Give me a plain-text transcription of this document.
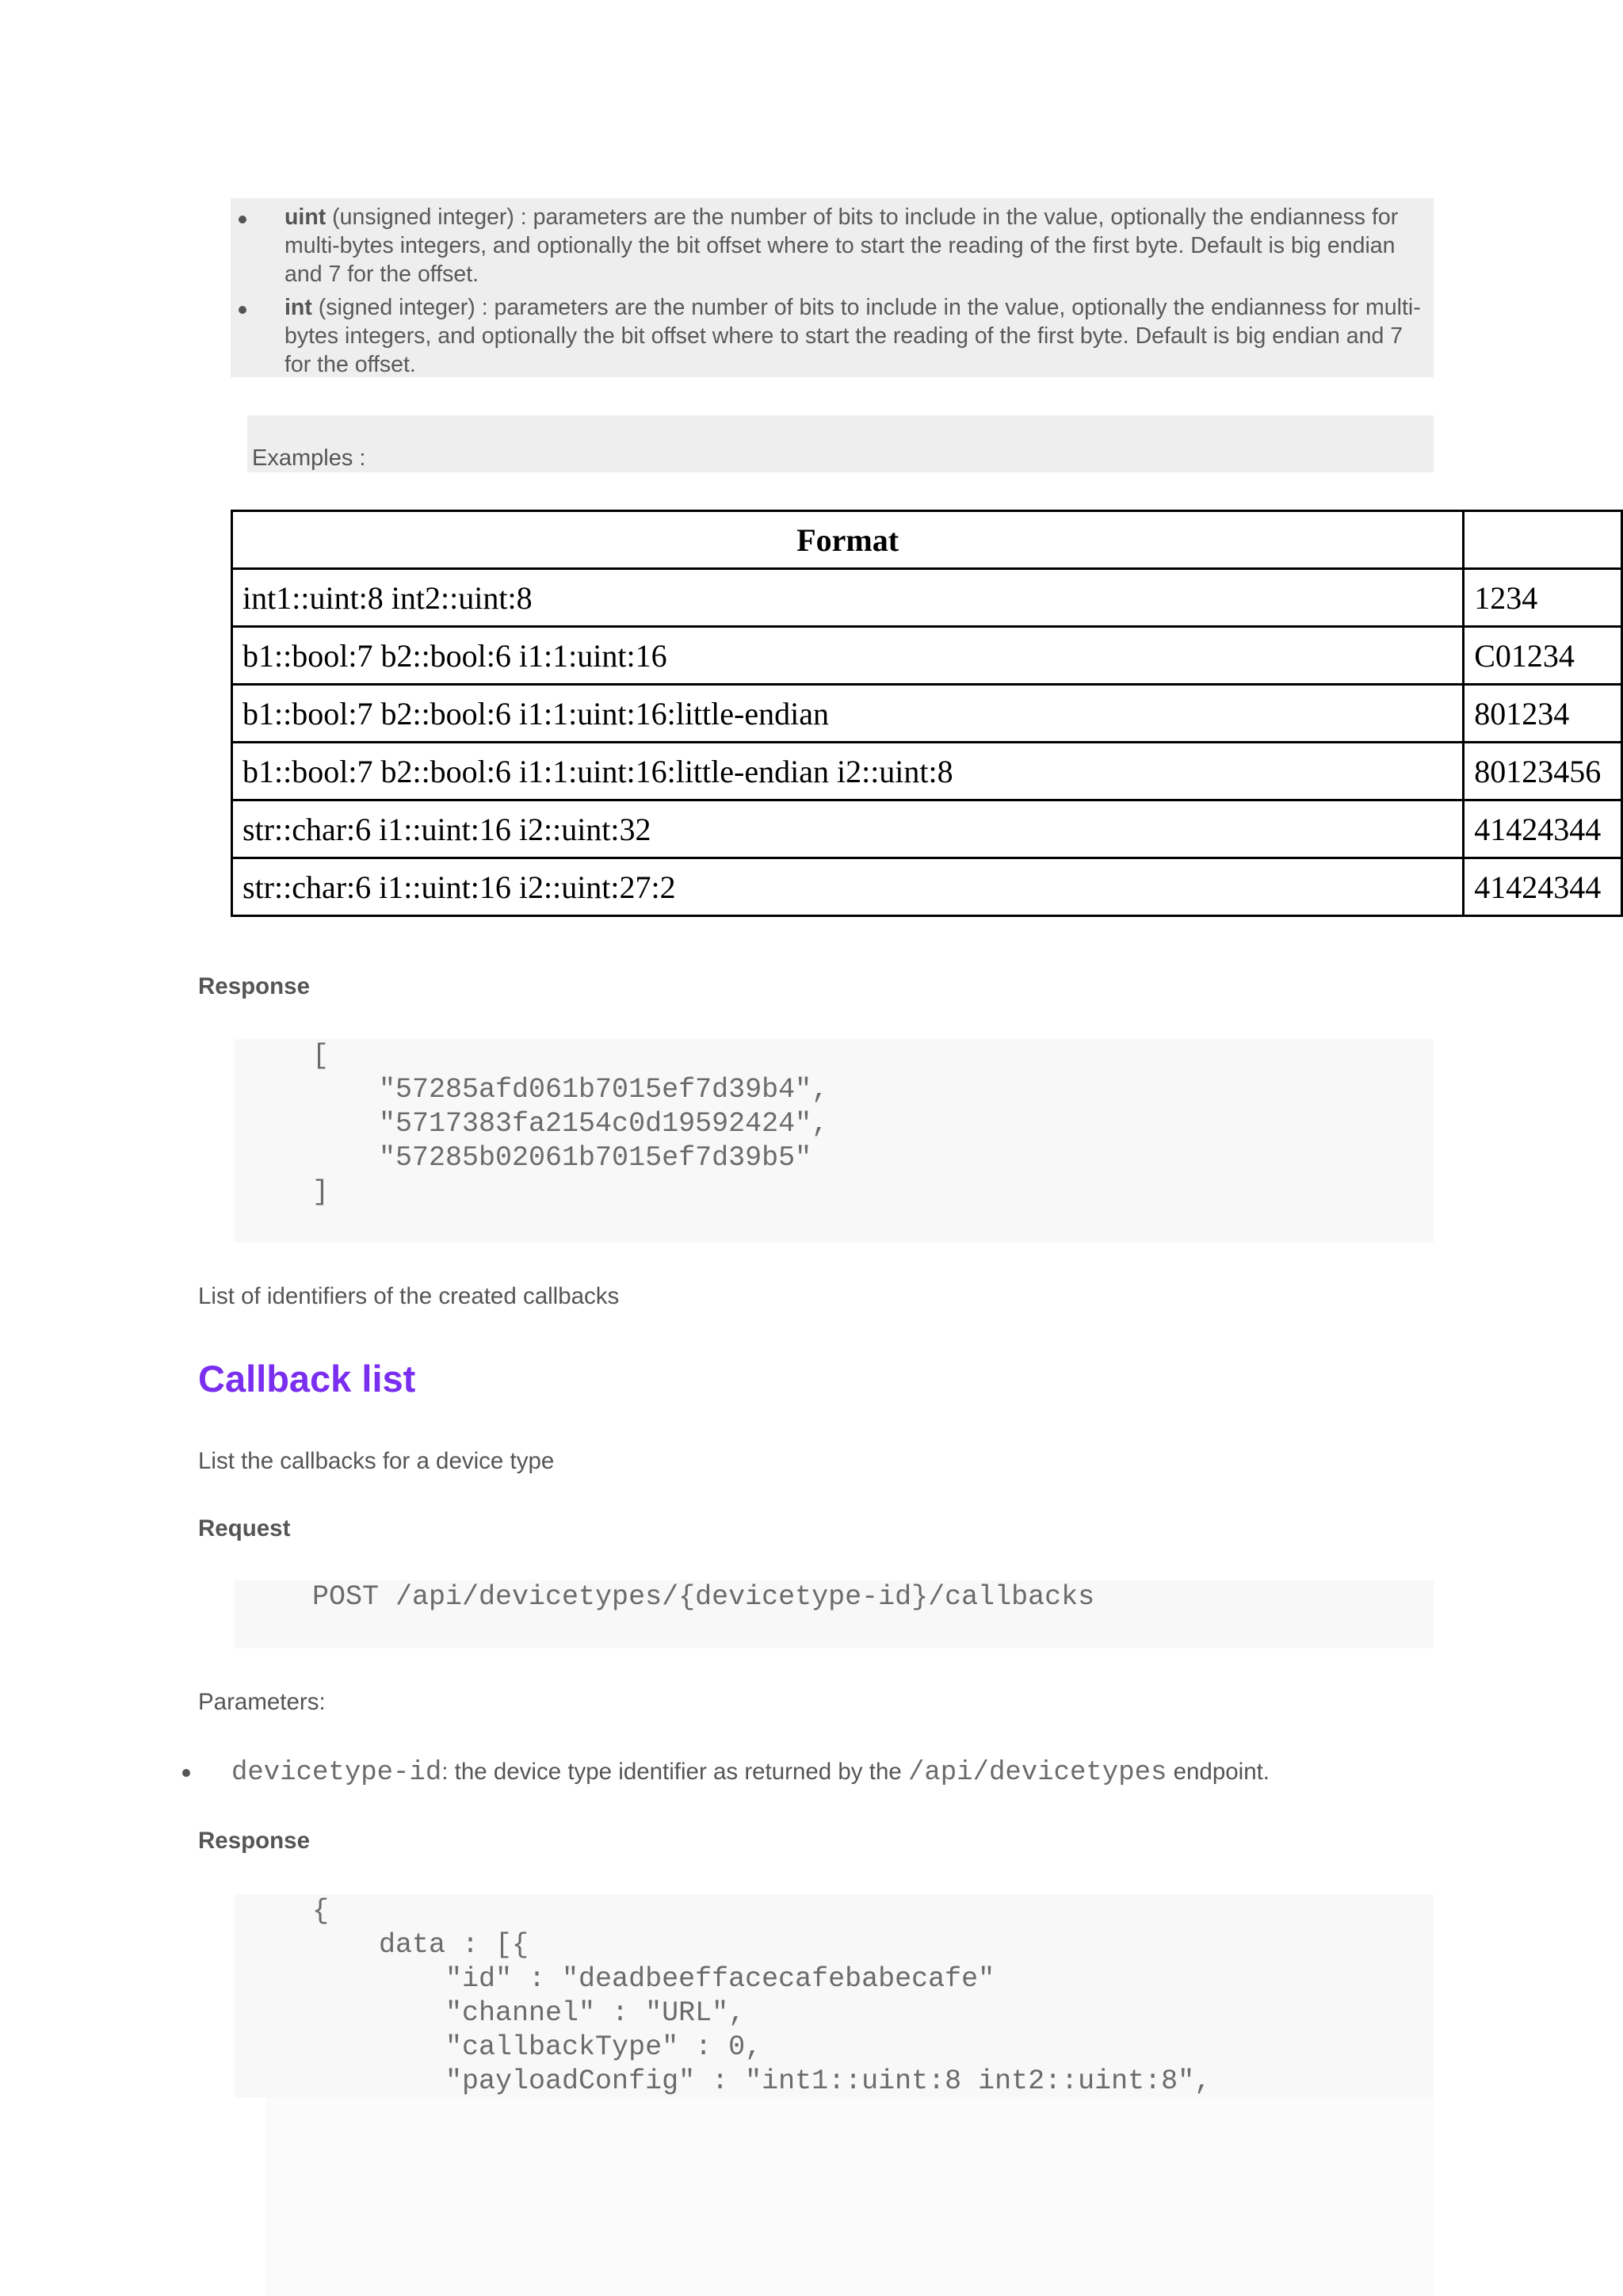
uint (unsigned integer) : parameters are the number of bits to include in the value, optionally the endianness for multi-bytes integers, and optionally the bit offset where to start the reading of the first byte. Default is big endian and 7 for the offset.
int (signed integer) : parameters are the number of bits to include in the value, optionally the endianness for multi-bytes integers, and optionally the bit offset where to start the reading of the first byte. Default is big endian and 7 for the offset.
Examples :
Format	
int1::uint:8 int2::uint:8	1234
b1::bool:7 b2::bool:6 i1:1:uint:16	C01234
b1::bool:7 b2::bool:6 i1:1:uint:16:little-endian	801234
b1::bool:7 b2::bool:6 i1:1:uint:16:little-endian i2::uint:8	80123456
str::char:6 i1::uint:16 i2::uint:32	41424344
str::char:6 i1::uint:16 i2::uint:27:2	41424344
Response
[
"57285afd061b7015ef7d39b4",
"5717383fa2154c0d19592424",
"57285b02061b7015ef7d39b5"
]
List of identifiers of the created callbacks
Callback list
List the callbacks for a device type
Request
POST /api/devicetypes/{devicetype-id}/callbacks
Parameters:
devicetype-id: the device type identifier as returned by the /api/devicetypes endpoint.
Response
{
data : [{
"id" : "deadbeeffacecafebabecafe"
"channel" : "URL",
"callbackType" : 0,
"payloadConfig" : "int1::uint:8 int2::uint:8",
